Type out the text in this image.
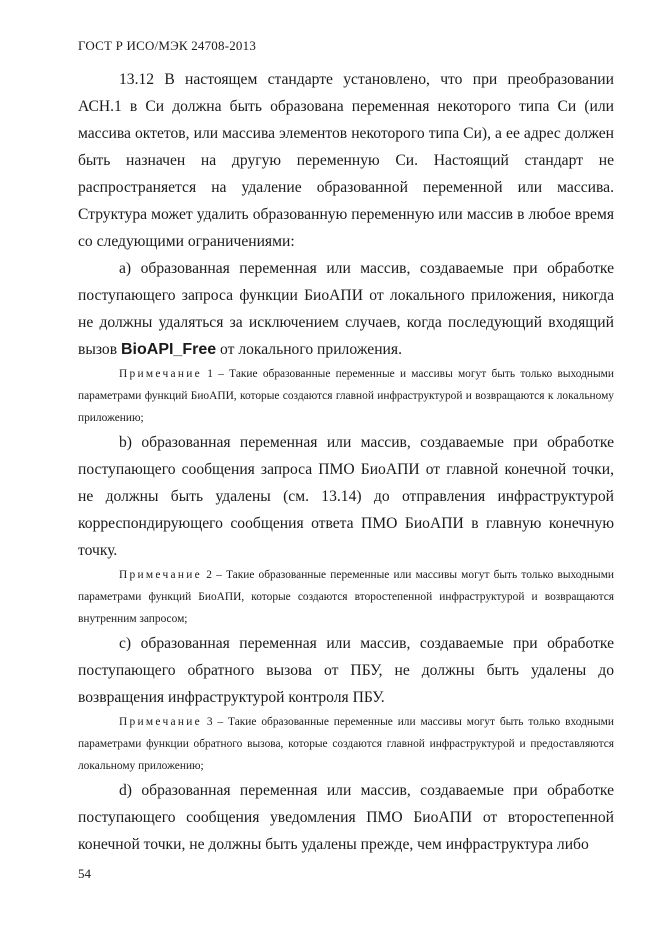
ГОСТ Р ИСО/МЭК 24708-2013

13.12 В настоящем стандарте установлено, что при преобразовании АСН.1 в Си должна быть образована переменная некоторого типа Си (или массива октетов, или массива элементов некоторого типа Си), а ее адрес должен быть назначен на другую переменную Си. Настоящий стандарт не распространяется на удаление образованной переменной или массива. Структура может удалить образованную переменную или массив в любое время со следующими ограничениями:

a) образованная переменная или массив, создаваемые при обработке поступающего запроса функции БиоАПИ от локального приложения, никогда не должны удаляться за исключением случаев, когда последующий входящий вызов BioAPI_Free от локального приложения.

Примечание 1 – Такие образованные переменные и массивы могут быть только выходными параметрами функций БиоАПИ, которые создаются главной инфраструктурой и возвращаются к локальному приложению;

b) образованная переменная или массив, создаваемые при обработке поступающего сообщения запроса ПМО БиоАПИ от главной конечной точки, не должны быть удалены (см. 13.14) до отправления инфраструктурой корреспондирующего сообщения ответа ПМО БиоАПИ в главную конечную точку.

Примечание 2 – Такие образованные переменные или массивы могут быть только выходными параметрами функций БиоАПИ, которые создаются второстепенной инфраструктурой и возвращаются внутренним запросом;

c) образованная переменная или массив, создаваемые при обработке поступающего обратного вызова от ПБУ, не должны быть удалены до возвращения инфраструктурой контроля ПБУ.

Примечание 3 – Такие образованные переменные или массивы могут быть только входными параметрами функции обратного вызова, которые создаются главной инфраструктурой и предоставляются локальному приложению;

d) образованная переменная или массив, создаваемые при обработке поступающего сообщения уведомления ПМО БиоАПИ от второстепенной конечной точки, не должны быть удалены прежде, чем инфраструктура либо

54
